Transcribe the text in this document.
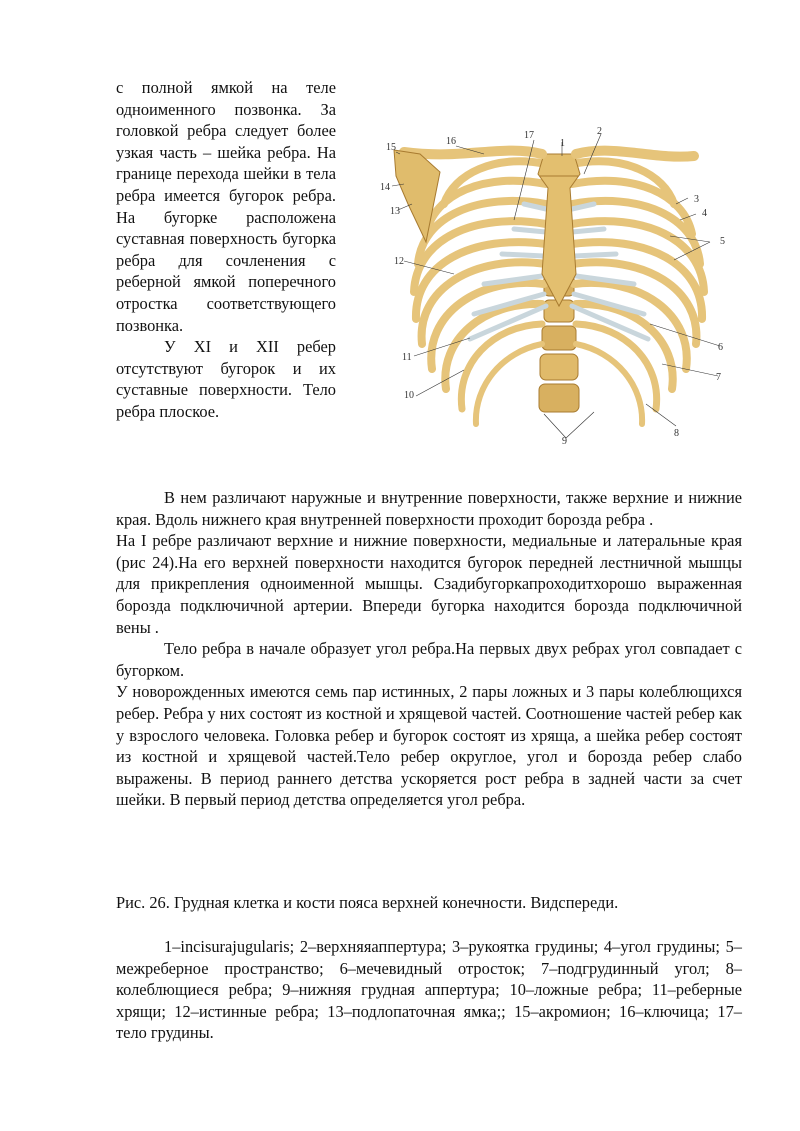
с полной ямкой на теле одноименного позвонка. За головкой ребра следует более узкая часть – шейка ребра. На границе перехода шейки в тела ребра имеется бугорок ребра. На бугорке расположена суставная поверхность бугорка ребра для сочленения с реберной ямкой поперечного отростка соответствующего позвонка.

У XI и XII ребер отсутствуют бугорок и их суставные поверхности. Тело ребра плоское.

1
2
3
4
5
6
7
8
9
10
11
12
13
14
15
16
17

В нем различают наружные и внутренние поверхности, также верхние и нижние края. Вдоль нижнего края внутренней поверхности проходит борозда ребра .

На I ребре различают верхние и нижние поверхности, медиальные и латеральные края (рис 24).На его верхней поверхности находится бугорок передней лестничной мышцы для прикрепления одноименной мышцы. Сзадибугоркапроходитхорошо выраженная борозда подключичной артерии. Впереди бугорка находится борозда подключичной вены .

Тело ребра в начале образует угол ребра.На первых двух ребрах угол совпадает с бугорком.

У новорожденных имеются семь пар истинных, 2 пары ложных и 3 пары колеблющихся ребер. Ребра у них состоят из костной и хрящевой частей. Соотношение частей ребер как у взрослого человека. Головка ребер и бугорок состоят из хряща, а шейка ребер состоят из костной и хрящевой частей.Тело ребер округлое, угол и борозда ребер слабо выражены. В период раннего детства ускоряется рост ребра в задней части за счет шейки. В первый период детства определяется угол ребра.

Рис. 26. Грудная клетка и кости пояса верхней конечности. Видспереди.
1–incisurajugularis; 2–верхняяаппертура; 3–рукоятка грудины; 4–угол грудины; 5–межреберное пространство; 6–мечевидный отросток; 7–подгрудинный угол; 8– колеблющиеся ребра; 9–нижняя грудная аппертура; 10–ложные ребра; 11–реберные хрящи; 12–истинные ребра; 13–подлопаточная ямка;; 15–акромион; 16–ключица; 17–тело грудины.
